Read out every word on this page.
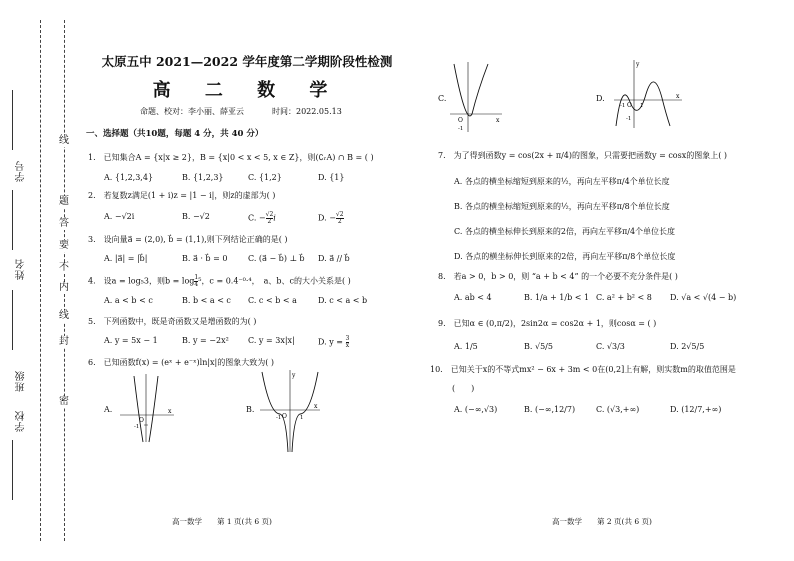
学号
姓名
班级
学校
线
题
答
要
不
内
线
封
密
太原五中 2021—2022 学年度第二学期阶段性检测
高 二 数 学
命题、校对：李小丽、薛亚云	时间：2022.05.13
一、选择题（共10题，每题 4 分，共 40 分）
1.　已知集合A = {x|x ≥ 2}，B = {x|0 < x < 5, x ∈ Z}，则(∁ᵣA) ∩ B = ( )
A. {1,2,3,4}	B. {1,2,3}	C. {1,2}	D. {1}
2.　若复数z满足(1 + i)z = |1 − i|，则z的虚部为( )
A. −√2i	B. −√2	C. − $\frac{√2}{2}$ i	D. − $\frac{√2}{2}$
3.　设向量a⃗ = (2,0), b⃗ = (1,1),则下列结论正确的是( )
A. |a⃗| = |b⃗|	B. a⃗ · b⃗ = 0	C. (a⃗ − b⃗) ⊥ b⃗ D. a⃗ // b⃗
4.　设a = log₅3，则$b = \log \frac{1}{4} ^5$，c = 0.4⁻⁰·⁴，　a、b、c的大小关系是( )
A. a < b < c	B. b < a < c C. c < b < a	D. c < a < b
5.　下列函数中，既是奇函数又是增函数的为( )
A. y = 5x − 1	B. y = −2x² C. y = 3x|x|	D. $y = \frac{3}{x}$
6.　已知函数f(x) = (eˣ + e⁻ˣ)ln|x|的图象大致为( )
A.	B.
x
O
-1
x
y
O
-1	1
高一数学　　第 1 页(共 6 页)
C.	D.
x
O
-1
y
x
-1 O 1
-1
7.　为了得到函数y = cos(2x + π/4)的图象，只需要把函数y = cosx的图象上( )
A. 各点的横坐标缩短到原来的½，再向左平移π/4个单位长度
B. 各点的横坐标缩短到原来的½，再向左平移π/8个单位长度
C. 各点的横坐标伸长到原来的2倍，再向左平移π/4个单位长度
D. 各点的横坐标伸长到原来的2倍，再向左平移π/8个单位长度
8.　若a > 0，b > 0，则 “a + b < 4” 的一个必要不充分条件是( )
A. ab < 4	B. 1/a + 1/b < 1 C. a² + b² < 8 D. √a < √(4 − b)
9.　已知α ∈ (0,π/2)，2sin2α = cos2α + 1，则cosα = ( )
A. 1/5	B. √5/5	C. √3/3	D. 2√5/5
10.　已知关于x的不等式mx² − 6x + 3m < 0在(0,2]上有解，则实数m的取值范围是
(　　)
A. (−∞,√3)	B. (−∞,12/7)	C. (√3,+∞)	D. (12/7,+∞)
高一数学　　第 2 页(共 6 页)
